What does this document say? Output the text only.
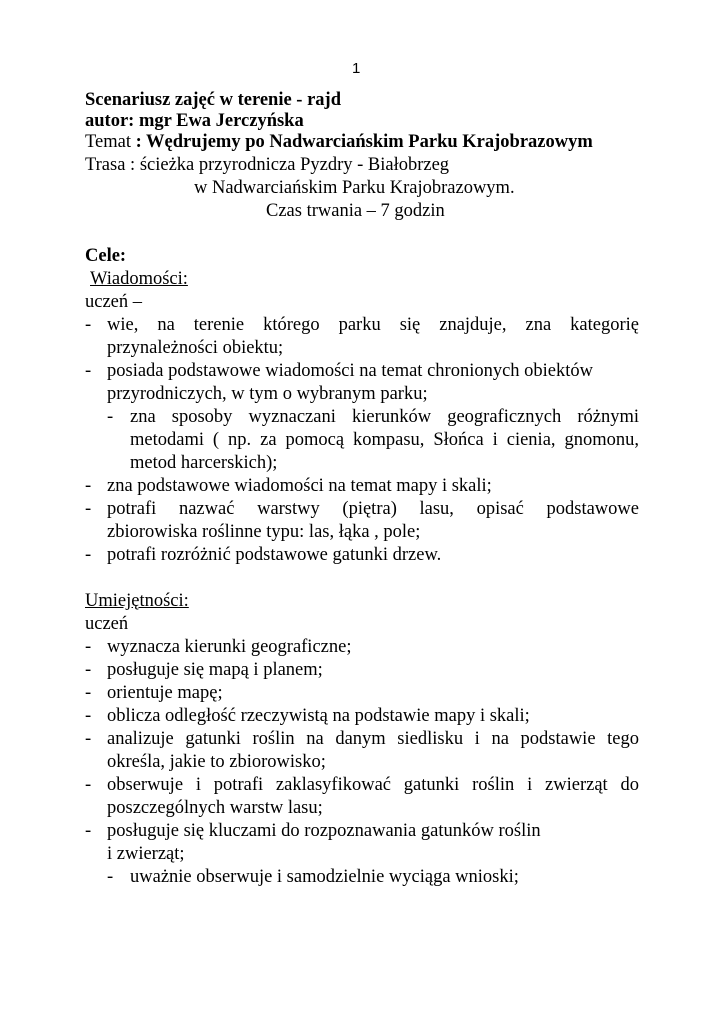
1
Scenariusz zajęć w terenie - rajd
autor: mgr Ewa Jerczyńska
Temat : Wędrujemy po Nadwarciańskim Parku Krajobrazowym
Trasa : ścieżka przyrodnicza Pyzdry - Białobrzeg
w Nadwarciańskim Parku Krajobrazowym.
Czas trwania – 7 godzin
Cele:
Wiadomości:
uczeń –
- wie, na terenie którego parku się znajduje, zna kategorię
przynależności obiektu;
- posiada podstawowe wiadomości na temat chronionych obiektów
przyrodniczych, w tym o wybranym parku;
- zna sposoby wyznaczani kierunków geograficznych różnymi
metodami ( np. za pomocą kompasu, Słońca i cienia, gnomonu,
metod harcerskich);
- zna podstawowe wiadomości na temat mapy i skali;
- potrafi nazwać warstwy (piętra) lasu, opisać podstawowe
zbiorowiska roślinne typu: las, łąka , pole;
- potrafi rozróżnić podstawowe gatunki drzew.
Umiejętności:
uczeń
- wyznacza kierunki geograficzne;
- posługuje się mapą i planem;
- orientuje mapę;
- oblicza odległość rzeczywistą na podstawie mapy i skali;
- analizuje gatunki roślin na danym siedlisku i na podstawie tego
określa, jakie to zbiorowisko;
- obserwuje i potrafi zaklasyfikować gatunki roślin i zwierząt do
poszczególnych warstw lasu;
- posługuje się kluczami do rozpoznawania gatunków roślin
i zwierząt;
- uważnie obserwuje i samodzielnie wyciąga wnioski;
